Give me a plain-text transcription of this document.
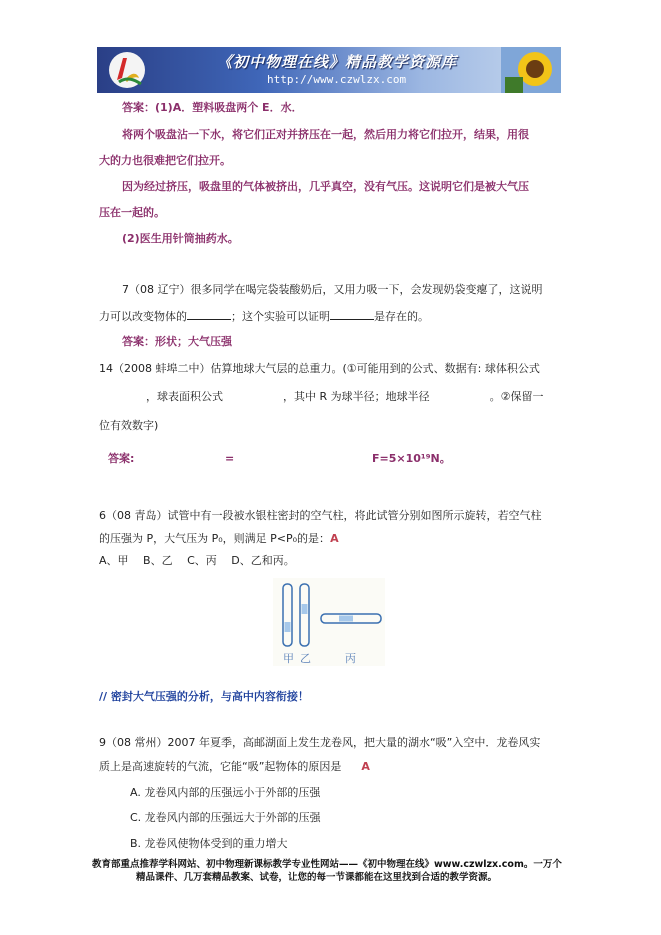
《初中物理在线》精品教学资源库
http://www.czwlzx.com
答案：(1)A．塑料吸盘两个 E．水．
将两个吸盘沾一下水，将它们正对并挤压在一起，然后用力将它们拉开，结果，用很
大的力也很难把它们拉开。
因为经过挤压，吸盘里的气体被挤出，几乎真空，没有气压。这说明它们是被大气压
压在一起的。
(2)医生用针筒抽药水。
7（08 辽宁）很多同学在喝完袋装酸奶后，又用力吸一下，会发现奶袋变瘪了，这说明
力可以改变物体的	；这个实验可以证明	是存在的。
答案：形状；大气压强
14（2008 蚌埠二中）估算地球大气层的总重力。(①可能用到的公式、数据有: 球体积公式
，球表面积公式	，其中 R 为球半径；地球半径	。②保留一
位有效数字)
答案:	=	F=5×10¹⁹N。
6（08 青岛）试管中有一段被水银柱密封的空气柱，将此试管分别如图所示旋转，若空气柱
的压强为 P，大气压为 P₀，则满足 P<P₀的是：A
A、甲　 B、乙　 C、丙　 D、乙和丙。
甲 乙	丙
// 密封大气压强的分析，与高中内容衔接！
9（08 常州）2007 年夏季，高邮湖面上发生龙卷风，把大量的湖水“吸”入空中．龙卷风实
质上是高速旋转的气流，它能“吸”起物体的原因是 A
A. 龙卷风内部的压强远小于外部的压强
C. 龙卷风内部的压强远大于外部的压强
B. 龙卷风使物体受到的重力增大
教育部重点推荐学科网站、初中物理新课标教学专业性网站——《初中物理在线》www.czwlzx.com。一万个
精品课件、几万套精品教案、试卷，让您的每一节课都能在这里找到合适的教学资源。
